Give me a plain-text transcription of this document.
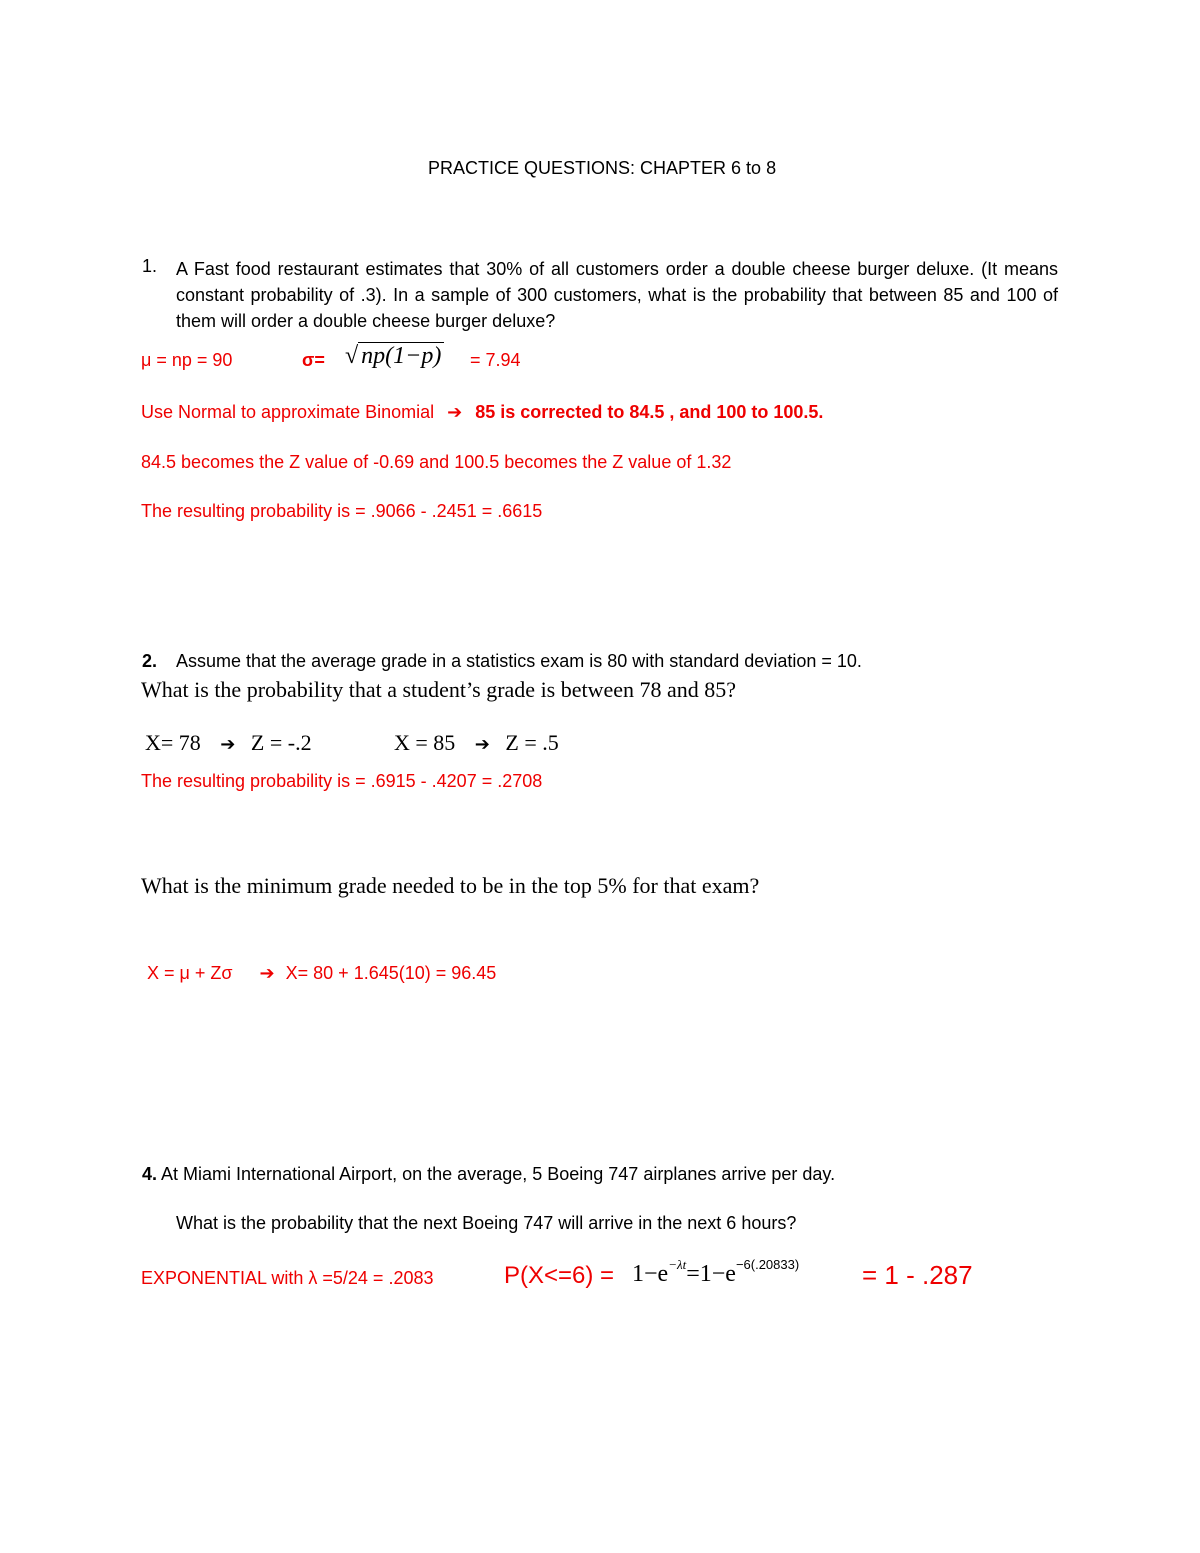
PRACTICE QUESTIONS: CHAPTER 6 to 8
1. A Fast food restaurant estimates that 30% of all customers order a double cheese burger deluxe. (It means constant probability of .3). In a sample of 300 customers, what is the probability that between 85 and 100 of them will order a double cheese burger deluxe?
μ = np = 90	σ= √ np(1−p) = 7.94
Use Normal to approximate Binomial ➔ 85 is corrected to 84.5 , and 100 to 100.5.
84.5 becomes the Z value of -0.69 and 100.5 becomes the Z value of 1.32
The resulting probability is = .9066 - .2451 = .6615
2. Assume that the average grade in a statistics exam is 80 with standard deviation = 10.
What is the probability that a student’s grade is between 78 and 85?
X= 78 ➔ Z = -.2	X = 85 ➔ Z = .5
The resulting probability is = .6915 - .4207 = .2708
What is the minimum grade needed to be in the top 5% for that exam?
X = μ + Zσ ➔ X= 80 + 1.645(10) = 96.45
4. At Miami International Airport, on the average, 5 Boeing 747 airplanes arrive per day.
What is the probability that the next Boeing 747 will arrive in the next 6 hours?
EXPONENTIAL with λ =5/24 = .2083	$P(X<=6) = 1-e^{-\lambda t}=1-e^{-6(.20833)} = 1 - .287$
